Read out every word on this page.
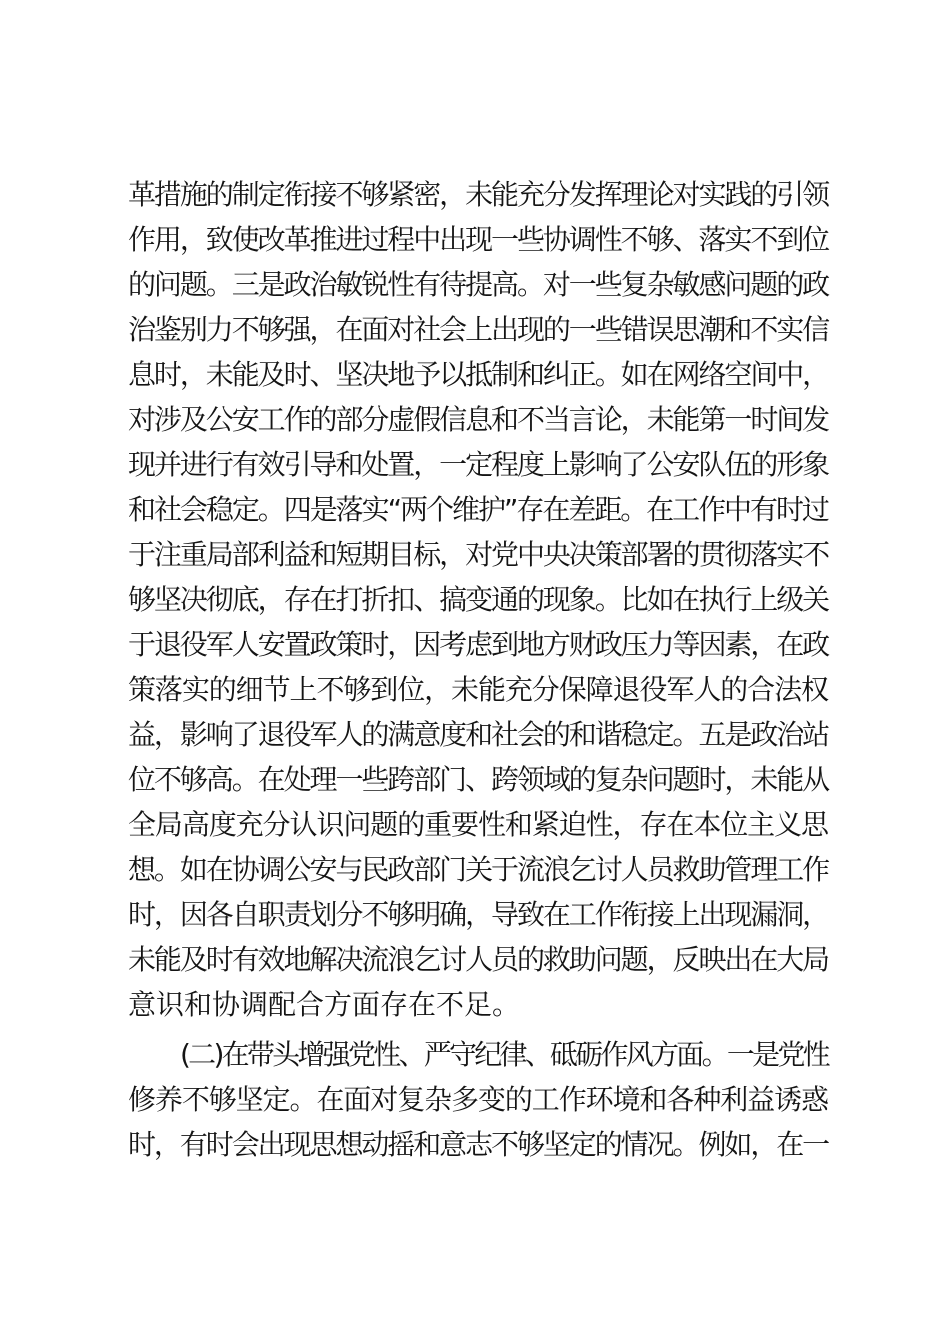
革措施的制定衔接不够紧密，未能充分发挥理论对实践的引领
作用，致使改革推进过程中出现一些协调性不够、落实不到位
的问题。三是政治敏锐性有待提高。对一些复杂敏感问题的政
治鉴别力不够强，在面对社会上出现的一些错误思潮和不实信
息时，未能及时、坚决地予以抵制和纠正。如在网络空间中，
对涉及公安工作的部分虚假信息和不当言论，未能第一时间发
现并进行有效引导和处置，一定程度上影响了公安队伍的形象
和社会稳定。四是落实“两个维护”存在差距。在工作中有时过
于注重局部利益和短期目标，对党中央决策部署的贯彻落实不
够坚决彻底，存在打折扣、搞变通的现象。比如在执行上级关
于退役军人安置政策时，因考虑到地方财政压力等因素，在政
策落实的细节上不够到位，未能充分保障退役军人的合法权
益，影响了退役军人的满意度和社会的和谐稳定。五是政治站
位不够高。在处理一些跨部门、跨领域的复杂问题时，未能从
全局高度充分认识问题的重要性和紧迫性，存在本位主义思
想。如在协调公安与民政部门关于流浪乞讨人员救助管理工作
时，因各自职责划分不够明确，导致在工作衔接上出现漏洞，
未能及时有效地解决流浪乞讨人员的救助问题，反映出在大局
意识和协调配合方面存在不足。
(二)在带头增强党性、严守纪律、砥砺作风方面。一是党性
修养不够坚定。在面对复杂多变的工作环境和各种利益诱惑
时，有时会出现思想动摇和意志不够坚定的情况。例如，在一
